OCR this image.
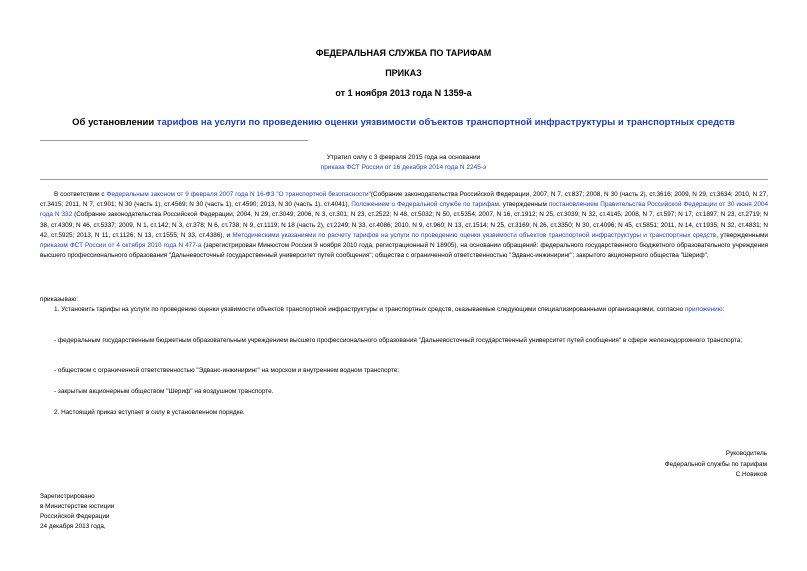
ФЕДЕРАЛЬНАЯ СЛУЖБА ПО ТАРИФАМ
ПРИКАЗ
от 1 ноября 2013 года N 1359-а
Об установлении тарифов на услуги по проведению оценки уязвимости объектов транспортной инфраструктуры и транспортных средств
Утратил силу с 3 февраля 2015 года на основании
приказа ФСТ России от 16 декабря 2014 года N 2245-э
В соответствии с Федеральным законом от 9 февраля 2007 года N 16-ФЗ "О транспортной безопасности"(Собрание законодательства Российской Федерации, 2007, N 7, ст.837; 2008, N 30 (часть 2), ст.3616; 2009, N 29, ст.3634; 2010, N 27, ст.3415; 2011, N 7, ст.901; N 30 (часть 1), ст.4569; N 30 (часть 1), ст.4590; 2013, N 30 (часть 1), ст.4041), Положением о Федеральной службе по тарифам, утвержденным постановлением Правительства Российской Федерации от 30 июня 2004 года N 332 (Собрание законодательства Российской Федерации, 2004, N 29, ст.3049; 2006, N 3, ст.301; N 23, ст.2522; N 48, ст.5032; N 50, ст.5354; 2007, N 16, ст.1912; N 25, ст.3039; N 32, ст.4145; 2008, N 7, ст.597; N 17, ст.1897; N 23, ст.2719; N 38, ст.4309; N 46, ст.5337; 2009, N 1, ст.142; N 3, ст.378; N 6, ст.738; N 9, ст.1119; N 18 (часть 2), ст.2249; N 33, ст.4086; 2010, N 9, ст.960; N 13, ст.1514; N 25, ст.3169; N 26, ст.3350; N 30, ст.4096; N 45, ст.5851; 2011, N 14, ст.1935; N 32, ст.4831; N 42, ст.5925; 2013, N 11, ст.1126; N 13, ст.1555; N 33, ст.4386), и Методическими указаниями по расчету тарифов на услуги по проведению оценки уязвимости объектов транспортной инфраструктуры и транспортных средств, утвержденными приказом ФСТ России от 4 октября 2010 года N 477-а (зарегистрирован Минюстом России 9 ноября 2010 года, регистрационный N 18905), на основании обращений: федерального государственного бюджетного образовательного учреждения высшего профессионального образования "Дальневосточный государственный университет путей сообщения"; общества с ограниченной ответственностью "Эдванс-инжиниринг"; закрытого акционерного общества "Шериф",
приказываю:
1. Установить тарифы на услуги по проведению оценки уязвимости объектов транспортной инфраструктуры и транспортных средств, оказываемые следующими специализированными организациями, согласно приложению:
- федеральным государственным бюджетным образовательным учреждением высшего профессионального образования "Дальневосточный государственный университет путей сообщения" в сфере железнодорожного транспорта;
- обществом с ограниченной ответственностью "Эдванс-инжиниринг" на морском и внутреннем водном транспорте;
- закрытым акционерным обществом "Шериф" на воздушном транспорте.
2. Настоящий приказ вступает в силу в установленном порядке.
Руководитель
Федеральной службы по тарифам
С.Новиков
Зарегистрировано
в Министерстве юстиции
Российской Федерации
24 декабря 2013 года,
